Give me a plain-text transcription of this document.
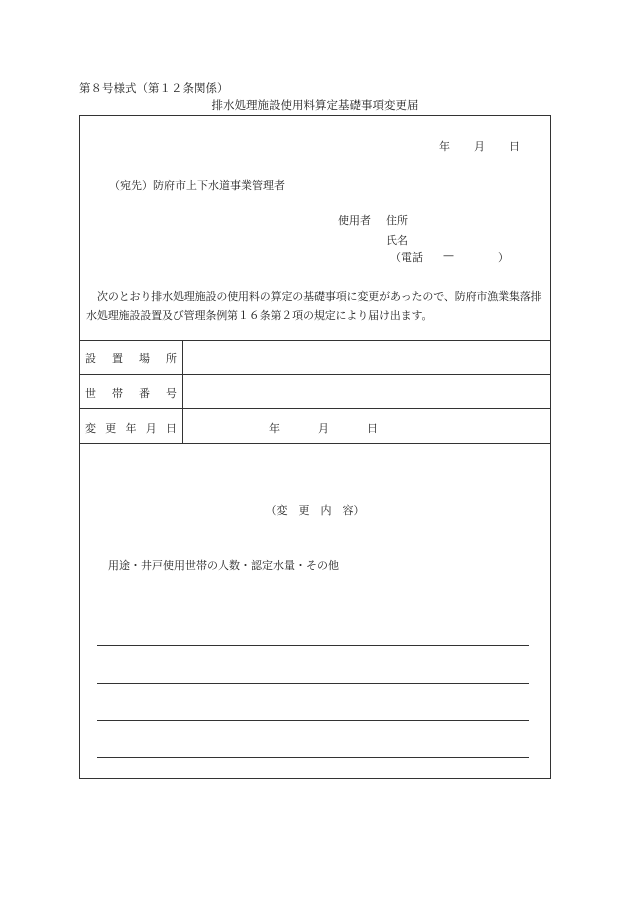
第８号様式（第１２条関係）
排水処理施設使用料算定基礎事項変更届
年 月 日
（宛先）防府市上下水道事業管理者
使用者 住所
氏名
（電話 —	）
次のとおり排水処理施設の使用料の算定の基礎事項に変更があったので、防府市漁業集落排水処理施設設置及び管理条例第１６条第２項の規定により届け出ます。
設 置 場 所
世 帯 番 号
変 更 年 月 日	年	月	日
（変　更　内　容）
用途・井戸使用世帯の人数・認定水量・その他
